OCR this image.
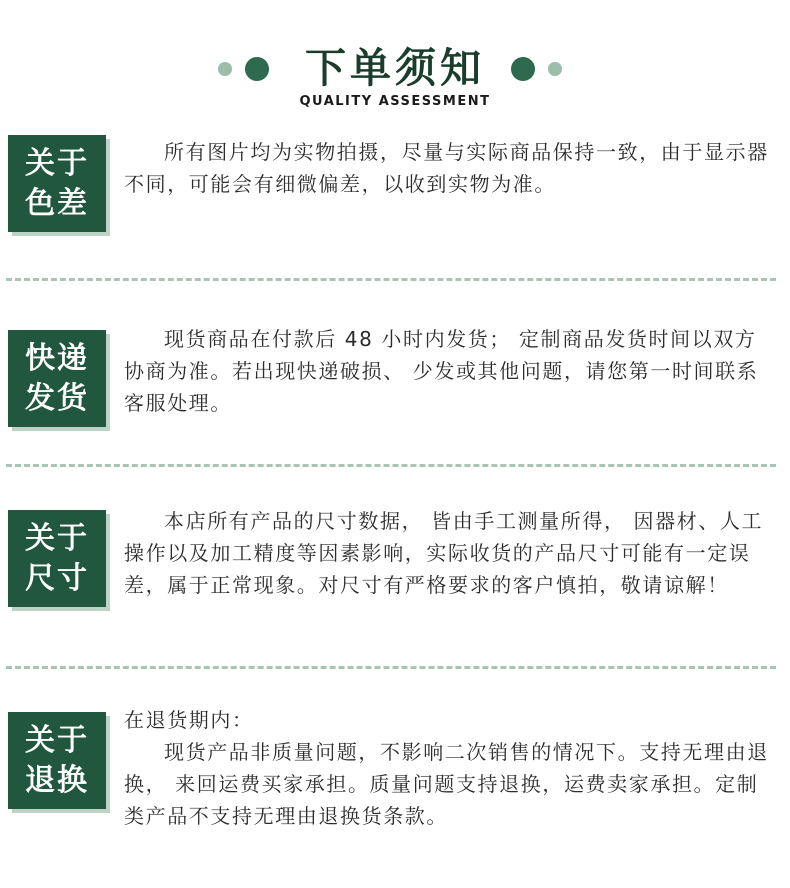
下单须知
QUALITY ASSESSMENT
关于
色差

所有图片均为实物拍摄，尽量与实际商品保持一致，由于显示器不同，可能会有细微偏差，以收到实物为准。

快递
发货

现货商品在付款后 48 小时内发货； 定制商品发货时间以双方协商为准。若出现快递破损、 少发或其他问题，请您第一时间联系客服处理。

关于
尺寸

本店所有产品的尺寸数据， 皆由手工测量所得， 因器材、人工操作以及加工精度等因素影响，实际收货的产品尺寸可能有一定误差，属于正常现象。对尺寸有严格要求的客户慎拍，敬请谅解！

关于
退换

在退货期内：

现货产品非质量问题，不影响二次销售的情况下。支持无理由退换， 来回运费买家承担。质量问题支持退换，运费卖家承担。定制类产品不支持无理由退换货条款。
